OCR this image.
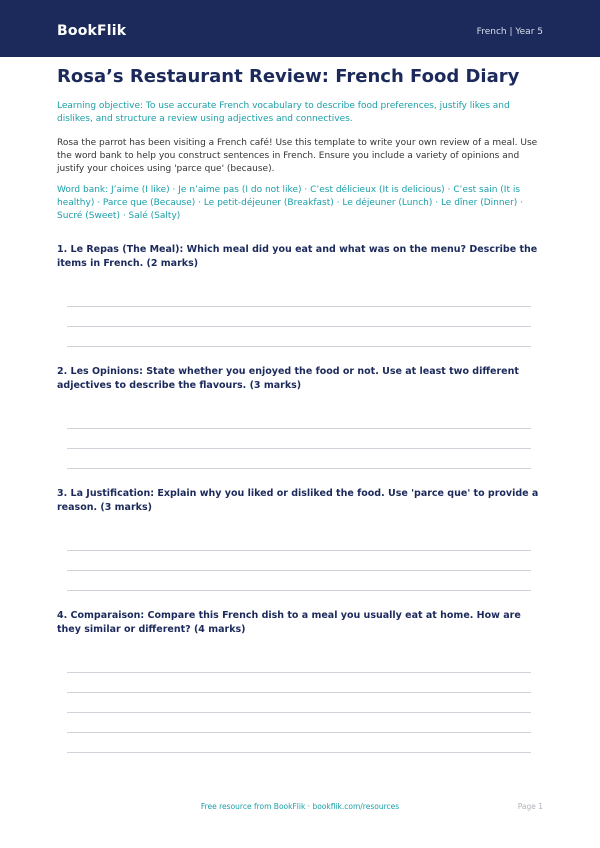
BookFlik	French | Year 5
Rosa’s Restaurant Review: French Food Diary

Learning objective: To use accurate French vocabulary to describe food preferences, justify likes and dislikes, and structure a review using adjectives and connectives.

Rosa the parrot has been visiting a French café! Use this template to write your own review of a meal. Use the word bank to help you construct sentences in French. Ensure you include a variety of opinions and justify your choices using 'parce que' (because).

Word bank: J’aime (I like) · Je n’aime pas (I do not like) · C’est délicieux (It is delicious) · C’est sain (It is healthy) · Parce que (Because) · Le petit-déjeuner (Breakfast) · Le déjeuner (Lunch) · Le dîner (Dinner) · Sucré (Sweet) · Salé (Salty)

1. Le Repas (The Meal): Which meal did you eat and what was on the menu? Describe the items in French. (2 marks)

2. Les Opinions: State whether you enjoyed the food or not. Use at least two different adjectives to describe the flavours. (3 marks)

3. La Justification: Explain why you liked or disliked the food. Use 'parce que' to provide a reason. (3 marks)

4. Comparaison: Compare this French dish to a meal you usually eat at home. How are they similar or different? (4 marks)

Free resource from BookFlik · bookflik.com/resources	Page 1
